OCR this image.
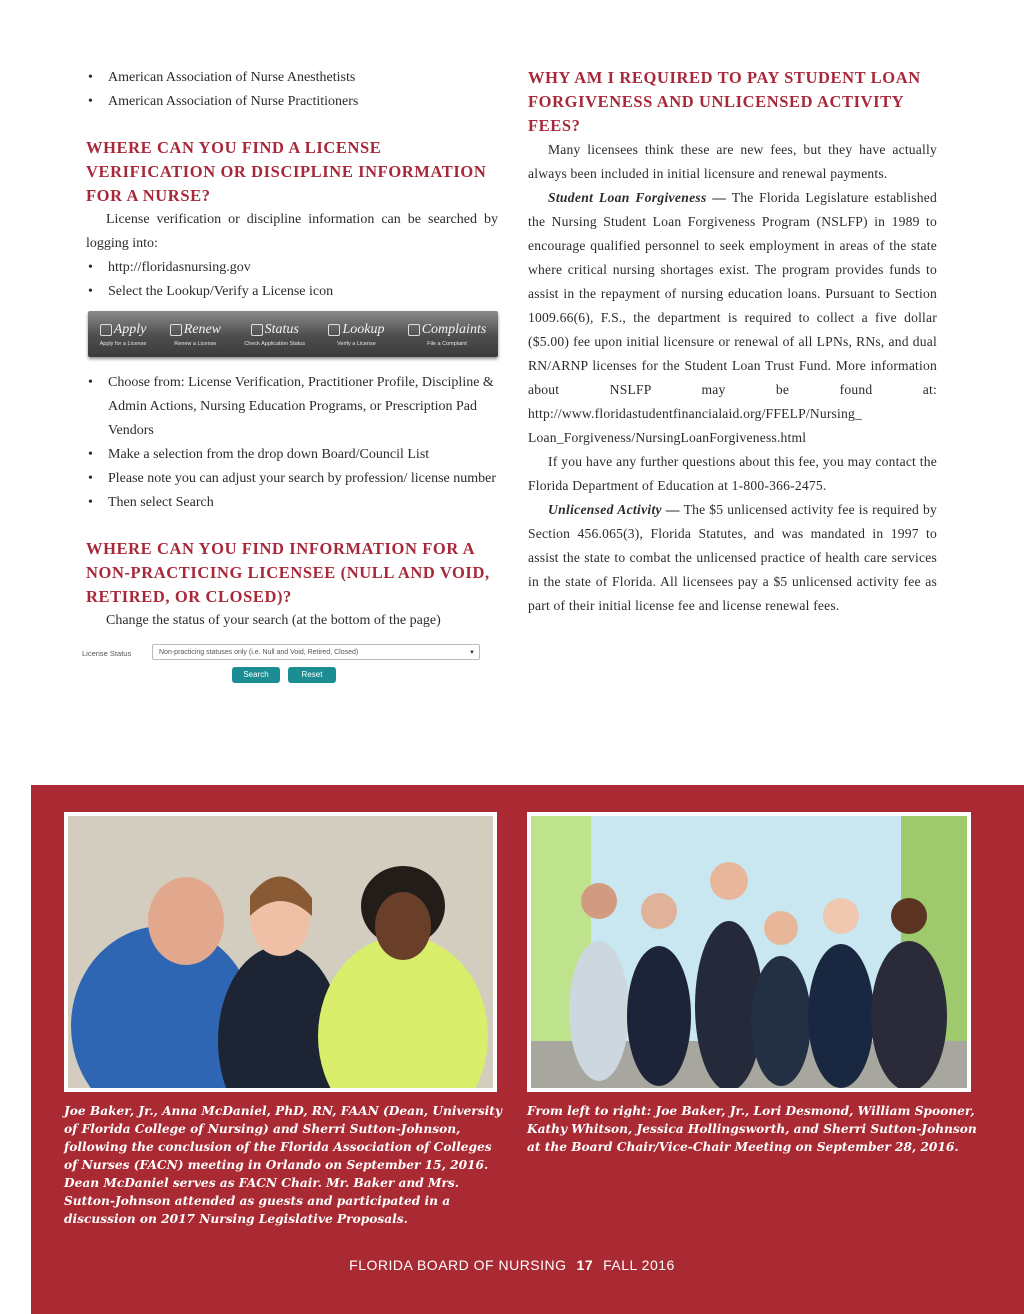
• American Association of Nurse Anesthetists
• American Association of Nurse Practitioners
WHERE CAN YOU FIND A LICENSE VERIFICATION OR DISCIPLINE INFORMATION FOR A NURSE?

License verification or discipline information can be searched by logging into:

• http://floridasnursing.gov
• Select the Lookup/Verify a License icon
Apply
Apply for a License
Renew
Renew a License
Status
Check Application Status
Lookup
Verify a License
Complaints
File a Complaint
• Choose from: License Verification, Practitioner Profile, Discipline & Admin Actions, Nursing Education Programs, or Prescription Pad Vendors
• Make a selection from the drop down Board/Council List
• Please note you can adjust your search by profession/ license number
• Then select Search
WHERE CAN YOU FIND INFORMATION FOR A NON-PRACTICING LICENSEE (NULL AND VOID, RETIRED, OR CLOSED)?

Change the status of your search (at the bottom of the page)

License Status	Non-practicing statuses only (i.e. Null and Void, Retired, Closed)	▼
Search	Reset
WHY AM I REQUIRED TO PAY STUDENT LOAN FORGIVENESS AND UNLICENSED ACTIVITY FEES?

Many licensees think these are new fees, but they have actually always been included in initial licensure and renewal payments.

Student Loan Forgiveness — The Florida Legislature established the Nursing Student Loan Forgiveness Program (NSLFP) in 1989 to encourage qualified personnel to seek employment in areas of the state where critical nursing shortages exist. The program provides funds to assist in the repayment of nursing education loans. Pursuant to Section 1009.66(6), F.S., the department is required to collect a five dollar ($5.00) fee upon initial licensure or renewal of all LPNs, RNs, and dual RN/ARNP licenses for the Student Loan Trust Fund. More information about NSLFP may be found at: http://www.floridastudentfinancialaid.org/FFELP/Nursing_ Loan_Forgiveness/NursingLoanForgiveness.html

If you have any further questions about this fee, you may contact the Florida Department of Education at 1-800-366-2475.

Unlicensed Activity — The $5 unlicensed activity fee is required by Section 456.065(3), Florida Statutes, and was mandated in 1997 to assist the state to combat the unlicensed practice of health care services in the state of Florida. All licensees pay a $5 unlicensed activity fee as part of their initial license fee and license renewal fees.

Joe Baker, Jr., Anna McDaniel, PhD, RN, FAAN (Dean, University of Florida College of Nursing) and Sherri Sutton-Johnson, following the conclusion of the Florida Association of Colleges of Nurses (FACN) meeting in Orlando on September 15, 2016. Dean McDaniel serves as FACN Chair. Mr. Baker and Mrs. Sutton-Johnson attended as guests and participated in a discussion on 2017 Nursing Legislative Proposals.

From left to right: Joe Baker, Jr., Lori Desmond, William Spooner, Kathy Whitson, Jessica Hollingsworth, and Sherri Sutton-Johnson at the Board Chair/Vice-Chair Meeting on September 28, 2016.

FLORIDA BOARD OF NURSING 17 FALL 2016
